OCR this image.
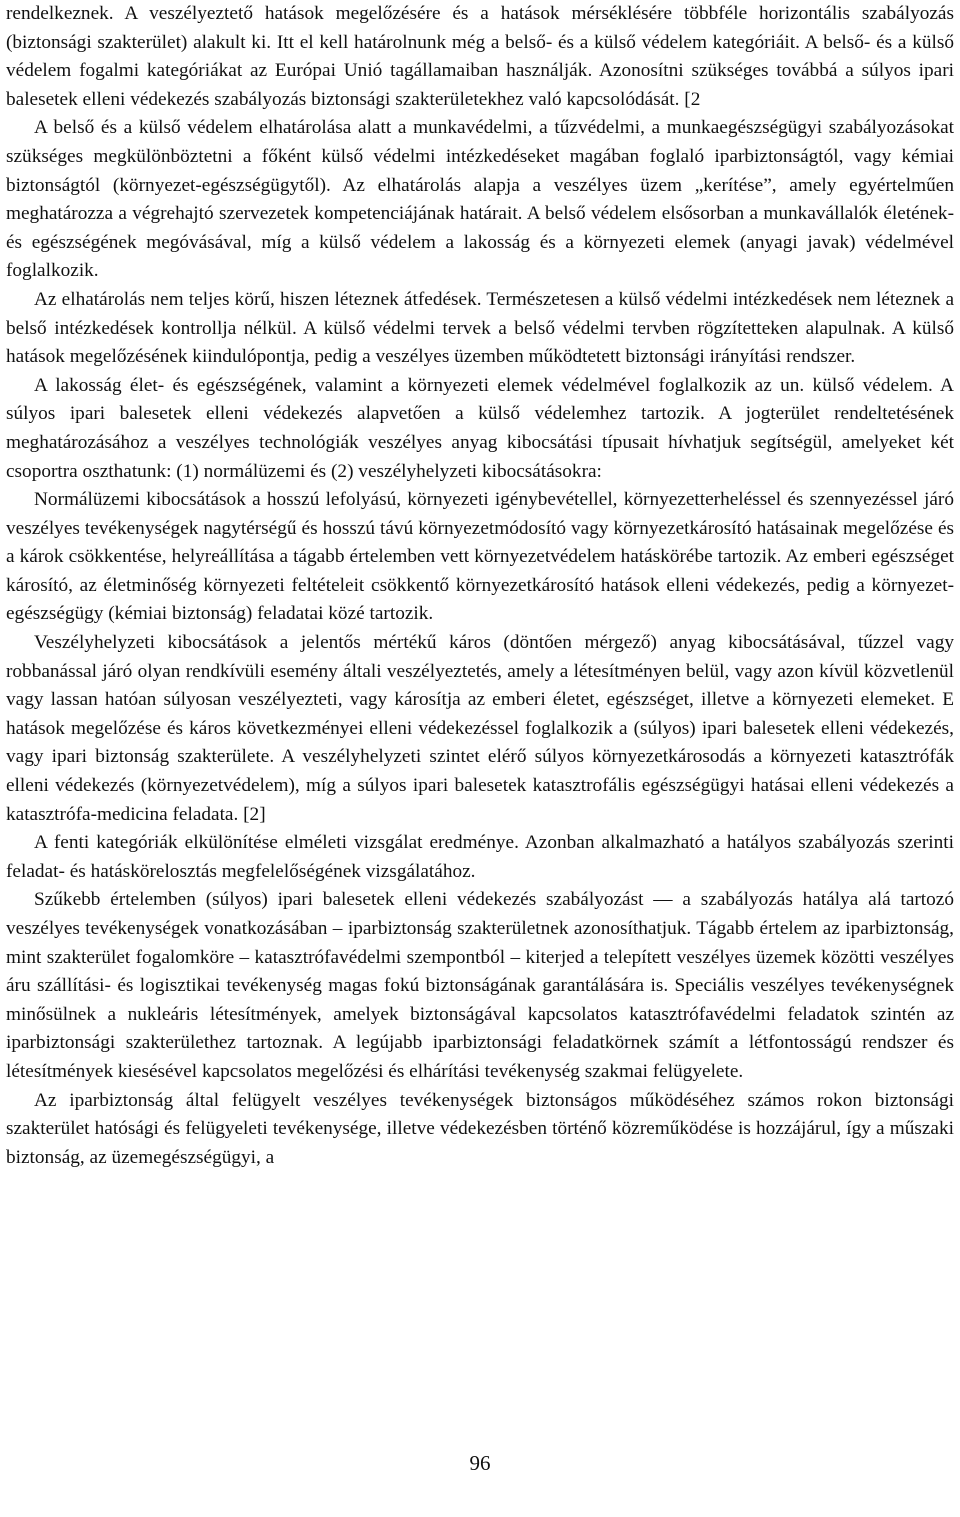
rendelkeznek. A veszélyeztető hatások megelőzésére és a hatások mérséklésére többféle horizontális szabályozás (biztonsági szakterület) alakult ki. Itt el kell határolnunk még a belső- és a külső védelem kategóriáit. A belső- és a külső védelem fogalmi kategóriákat az Európai Unió tagállamaiban használják. Azonosítni szükséges továbbá a súlyos ipari balesetek elleni védekezés szabályozás biztonsági szakterületekhez való kapcsolódását. [2

A belső és a külső védelem elhatárolása alatt a munkavédelmi, a tűzvédelmi, a munkaegészségügyi szabályozásokat szükséges megkülönböztetni a főként külső védelmi intézkedéseket magában foglaló iparbiztonságtól, vagy kémiai biztonságtól (környezet-egészségügytől). Az elhatárolás alapja a veszélyes üzem „kerítése”, amely egyértelműen meghatározza a végrehajtó szervezetek kompetenciájának határait. A belső védelem elsősorban a munkavállalók életének- és egészségének megóvásával, míg a külső védelem a lakosság és a környezeti elemek (anyagi javak) védelmével foglalkozik.

Az elhatárolás nem teljes körű, hiszen léteznek átfedések. Természetesen a külső védelmi intézkedések nem léteznek a belső intézkedések kontrollja nélkül. A külső védelmi tervek a belső védelmi tervben rögzítetteken alapulnak. A külső hatások megelőzésének kiindulópontja, pedig a veszélyes üzemben működtetett biztonsági irányítási rendszer.

A lakosság élet- és egészségének, valamint a környezeti elemek védelmével foglalkozik az un. külső védelem. A súlyos ipari balesetek elleni védekezés alapvetően a külső védelemhez tartozik. A jogterület rendeltetésének meghatározásához a veszélyes technológiák veszélyes anyag kibocsátási típusait hívhatjuk segítségül, amelyeket két csoportra oszthatunk: (1) normálüzemi és (2) veszélyhelyzeti kibocsátásokra:

Normálüzemi kibocsátások a hosszú lefolyású, környezeti igénybevétellel, környezetterheléssel és szennyezéssel járó veszélyes tevékenységek nagytérségű és hosszú távú környezetmódosító vagy környezetkárosító hatásainak megelőzése és a károk csökkentése, helyreállítása a tágabb értelemben vett környezetvédelem hatáskörébe tartozik. Az emberi egészséget károsító, az életminőség környezeti feltételeit csökkentő környezetkárosító hatások elleni védekezés, pedig a környezet-egészségügy (kémiai biztonság) feladatai közé tartozik.

Veszélyhelyzeti kibocsátások a jelentős mértékű káros (döntően mérgező) anyag kibocsátásával, tűzzel vagy robbanással járó olyan rendkívüli esemény általi veszélyeztetés, amely a létesítményen belül, vagy azon kívül közvetlenül vagy lassan hatóan súlyosan veszélyezteti, vagy károsítja az emberi életet, egészséget, illetve a környezeti elemeket. E hatások megelőzése és káros következményei elleni védekezéssel foglalkozik a (súlyos) ipari balesetek elleni védekezés, vagy ipari biztonság szakterülete. A veszélyhelyzeti szintet elérő súlyos környezetkárosodás a környezeti katasztrófák elleni védekezés (környezetvédelem), míg a súlyos ipari balesetek katasztrofális egészségügyi hatásai elleni védekezés a katasztrófa-medicina feladata. [2]

A fenti kategóriák elkülönítése elméleti vizsgálat eredménye. Azonban alkalmazható a hatályos szabályozás szerinti feladat- és hatáskörelosztás megfelelőségének vizsgálatához.

Szűkebb értelemben (súlyos) ipari balesetek elleni védekezés szabályozást — a szabályozás hatálya alá tartozó veszélyes tevékenységek vonatkozásában – iparbiztonság szakterületnek azonosíthatjuk. Tágabb értelem az iparbiztonság, mint szakterület fogalomköre – katasztrófavédelmi szempontból – kiterjed a telepített veszélyes üzemek közötti veszélyes áru szállítási- és logisztikai tevékenység magas fokú biztonságának garantálására is. Speciális veszélyes tevékenységnek minősülnek a nukleáris létesítmények, amelyek biztonságával kapcsolatos katasztrófavédelmi feladatok szintén az iparbiztonsági szakterülethez tartoznak. A legújabb iparbiztonsági feladatkörnek számít a létfontosságú rendszer és létesítmények kiesésével kapcsolatos megelőzési és elhárítási tevékenység szakmai felügyelete.

Az iparbiztonság által felügyelt veszélyes tevékenységek biztonságos működéséhez számos rokon biztonsági szakterület hatósági és felügyeleti tevékenysége, illetve védekezésben történő közreműködése is hozzájárul, így a műszaki biztonság, az üzemegészségügyi, a

96
